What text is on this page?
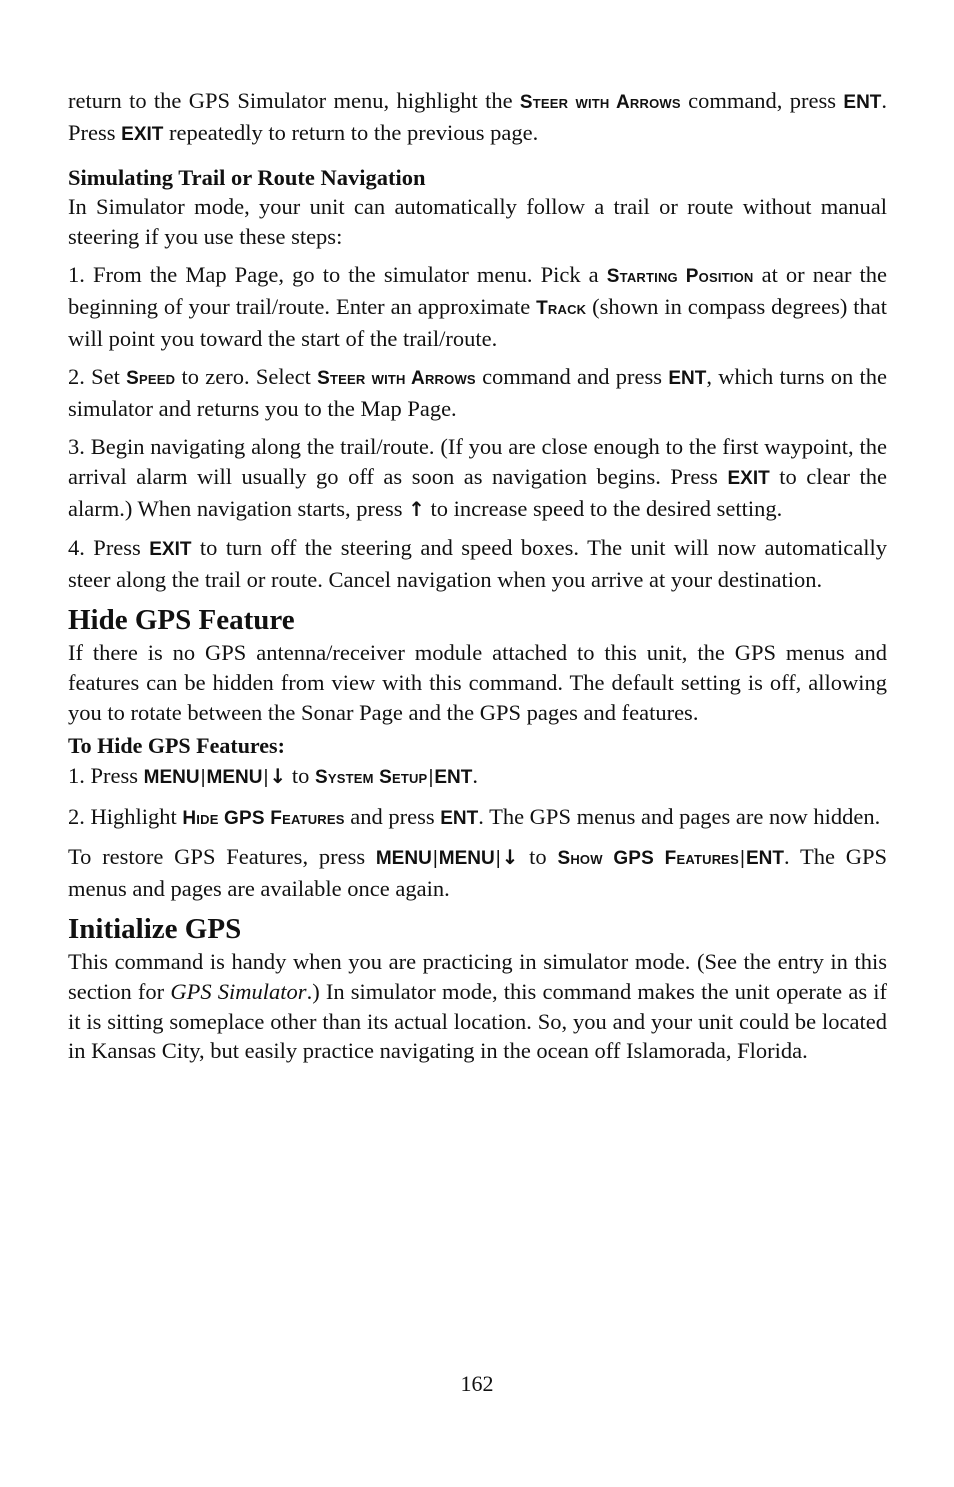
return to the GPS Simulator menu, highlight the Steer with Arrows command, press ENT. Press EXIT repeatedly to return to the previous page.

Simulating Trail or Route Navigation

In Simulator mode, your unit can automatically follow a trail or route without manual steering if you use these steps:

1. From the Map Page, go to the simulator menu. Pick a Starting Position at or near the beginning of your trail/route. Enter an approximate Track (shown in compass degrees) that will point you toward the start of the trail/route.

2. Set Speed to zero. Select Steer with Arrows command and press ENT, which turns on the simulator and returns you to the Map Page.

3. Begin navigating along the trail/route. (If you are close enough to the first waypoint, the arrival alarm will usually go off as soon as navigation begins. Press EXIT to clear the alarm.) When navigation starts, press ↑ to increase speed to the desired setting.

4. Press EXIT to turn off the steering and speed boxes. The unit will now automatically steer along the trail or route. Cancel navigation when you arrive at your destination.

Hide GPS Feature

If there is no GPS antenna/receiver module attached to this unit, the GPS menus and features can be hidden from view with this command. The default setting is off, allowing you to rotate between the Sonar Page and the GPS pages and features.

To Hide GPS Features:

1. Press MENU|MENU|↓ to System Setup|ENT.

2. Highlight Hide GPS Features and press ENT. The GPS menus and pages are now hidden.

To restore GPS Features, press MENU|MENU|↓ to Show GPS Features|ENT. The GPS menus and pages are available once again.

Initialize GPS

This command is handy when you are practicing in simulator mode. (See the entry in this section for GPS Simulator.) In simulator mode, this command makes the unit operate as if it is sitting someplace other than its actual location. So, you and your unit could be located in Kansas City, but easily practice navigating in the ocean off Islamorada, Florida.

162
